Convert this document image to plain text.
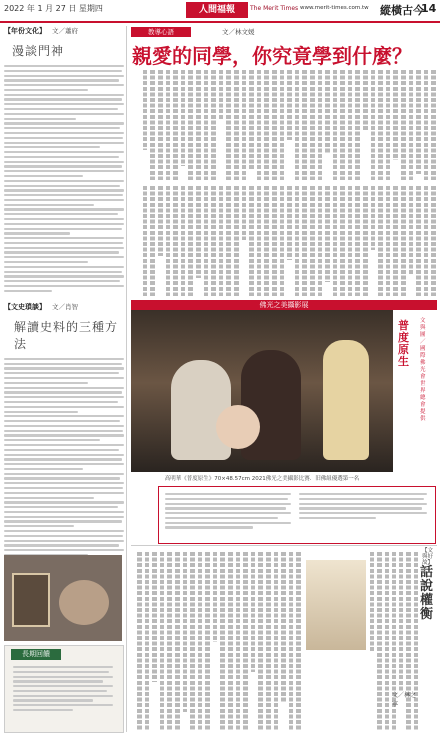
2022 年 1 月 27 日 星期四	人間福報	The Merit Times www.merit-times.com.tw 縱橫古今
14
【年份文化】 文／蕭府
漫談門神
【文史瑣談】 文／肖智
解讀史料的三種方法
長期回饋
教導心語	文／林文媛
親愛的同學，你究竟學到什麼？
佛光之美攝影展
普度原生
文與圖／國際佛光會世界總會提供
高明華《普度原生》70×48.57cm 2021佛光之美攝影比賽．旧佛組優選第一名
話說權衡
【文與好故】
文／林之寧
